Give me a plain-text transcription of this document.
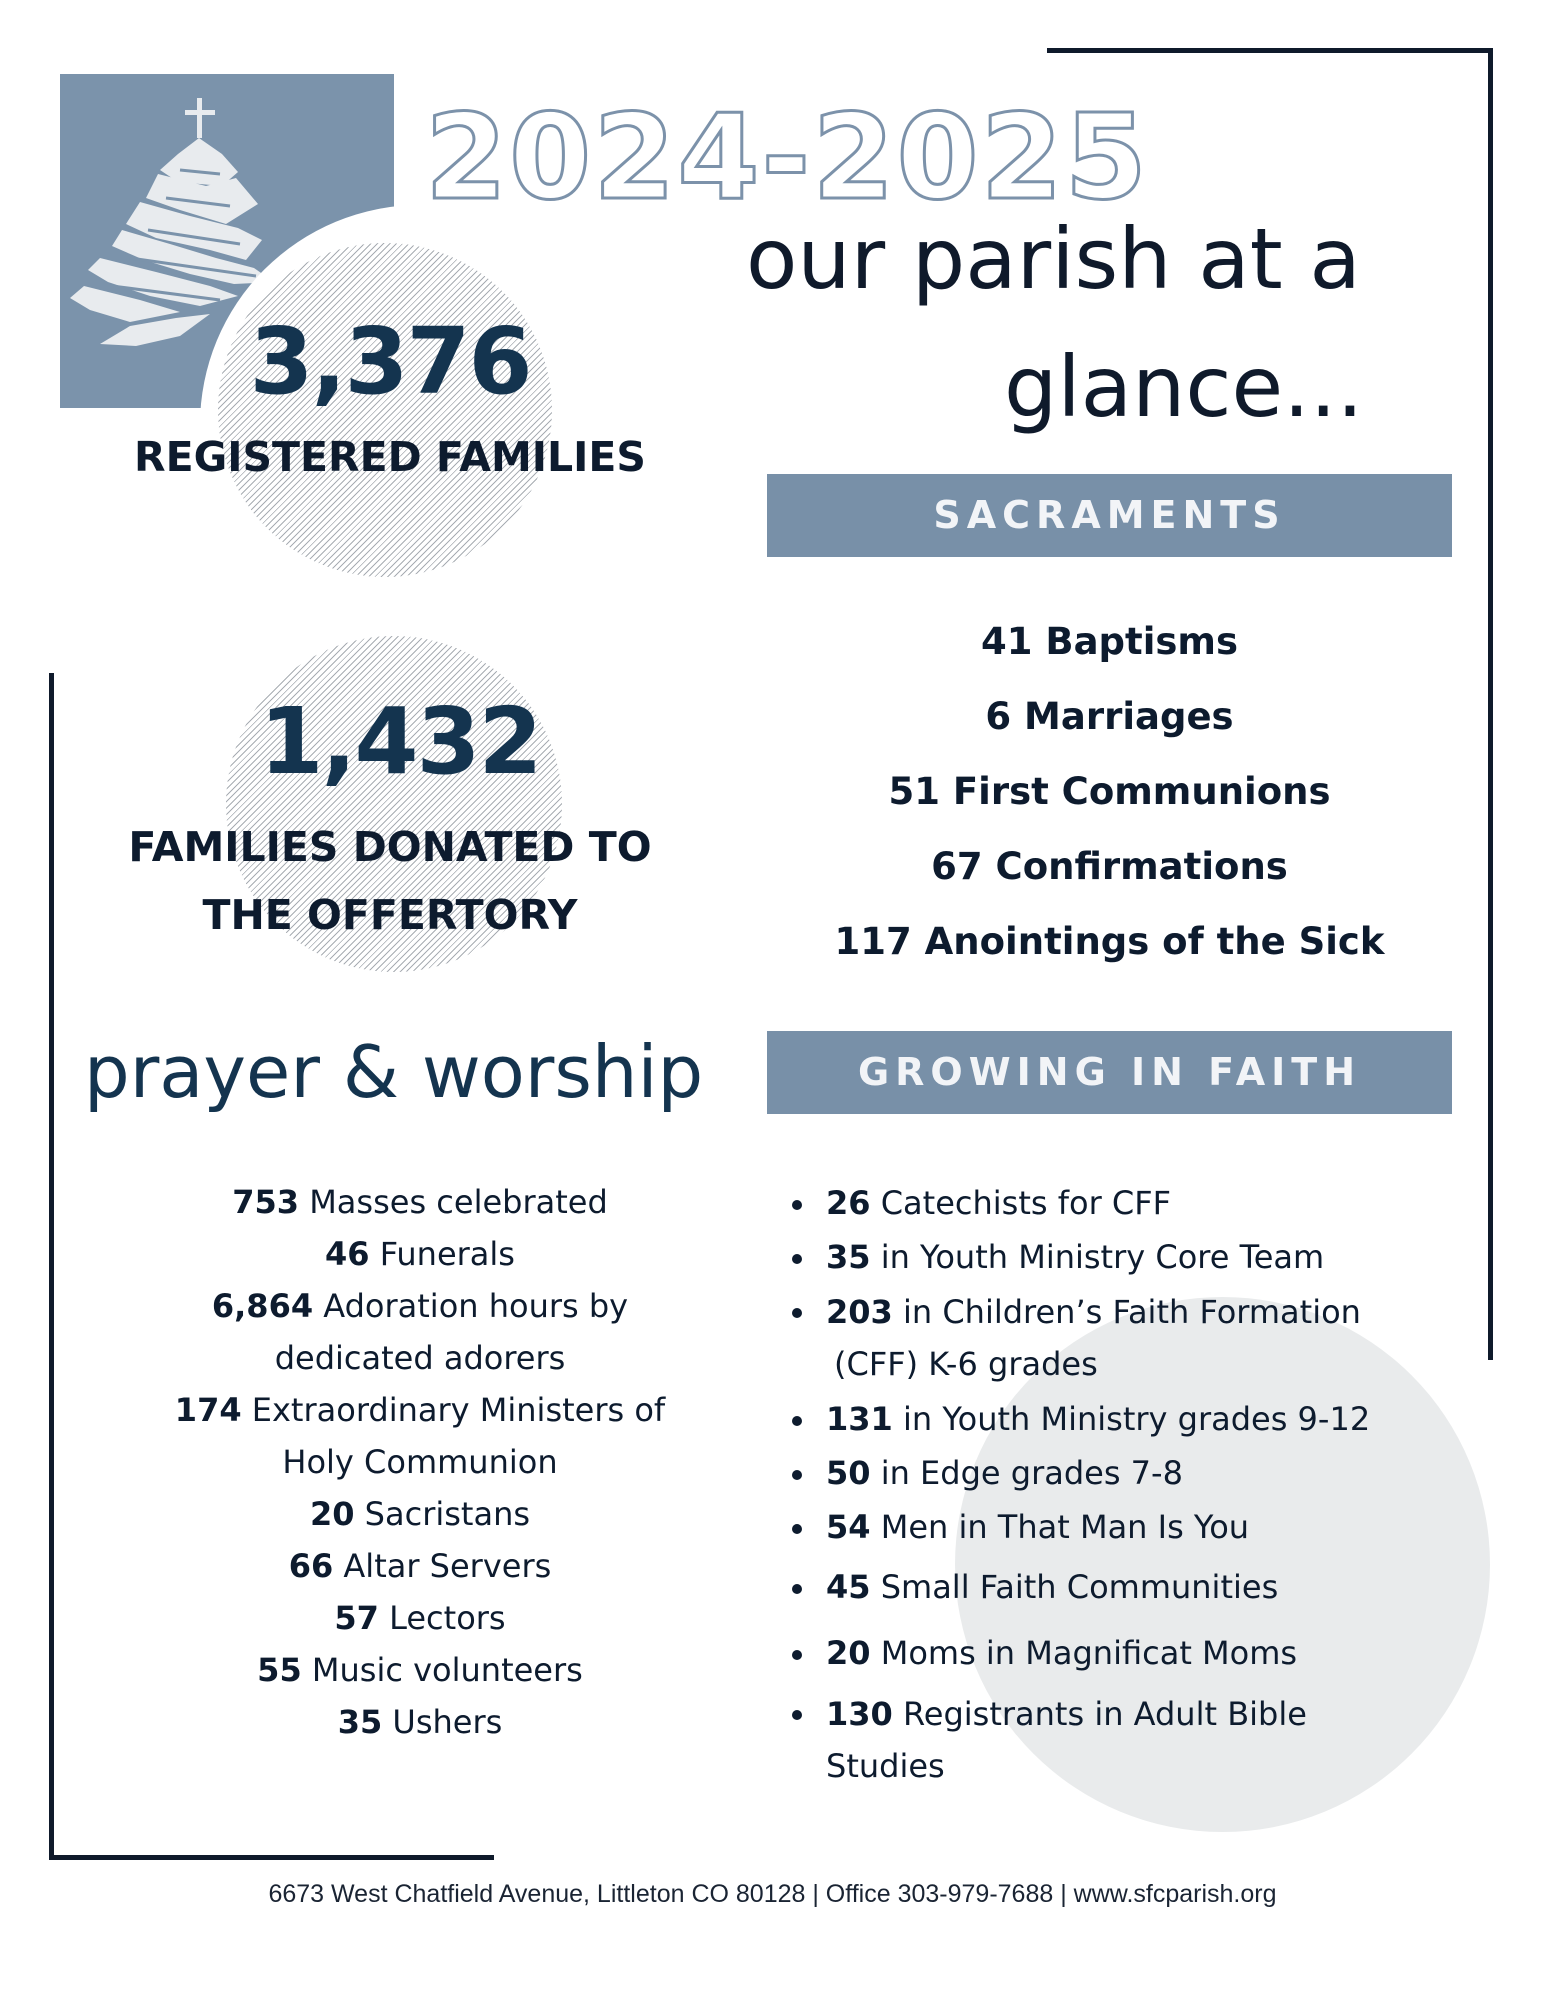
2024-2025
our parish at a
glance...
3,376
REGISTERED FAMILIES
1,432
FAMILIES DONATED TO
THE OFFERTORY
SACRAMENTS
41 Baptisms
6 Marriages
51 First Communions
67 Confirmations
117 Anointings of the Sick
prayer & worship
753 Masses celebrated
46 Funerals
6,864 Adoration hours by
dedicated adorers
174 Extraordinary Ministers of
Holy Communion
20 Sacristans
66 Altar Servers
57 Lectors
55 Music volunteers
35 Ushers
GROWING IN FAITH
26 Catechists for CFF
35 in Youth Ministry Core Team
203 in Children’s Faith Formation
(CFF) K-6 grades
131 in Youth Ministry grades 9-12
50 in Edge grades 7-8
54 Men in That Man Is You
45 Small Faith Communities
20 Moms in Magnificat Moms
130 Registrants in Adult Bible
Studies
6673 West Chatfield Avenue, Littleton CO 80128 | Office 303-979-7688 | www.sfcparish.org
